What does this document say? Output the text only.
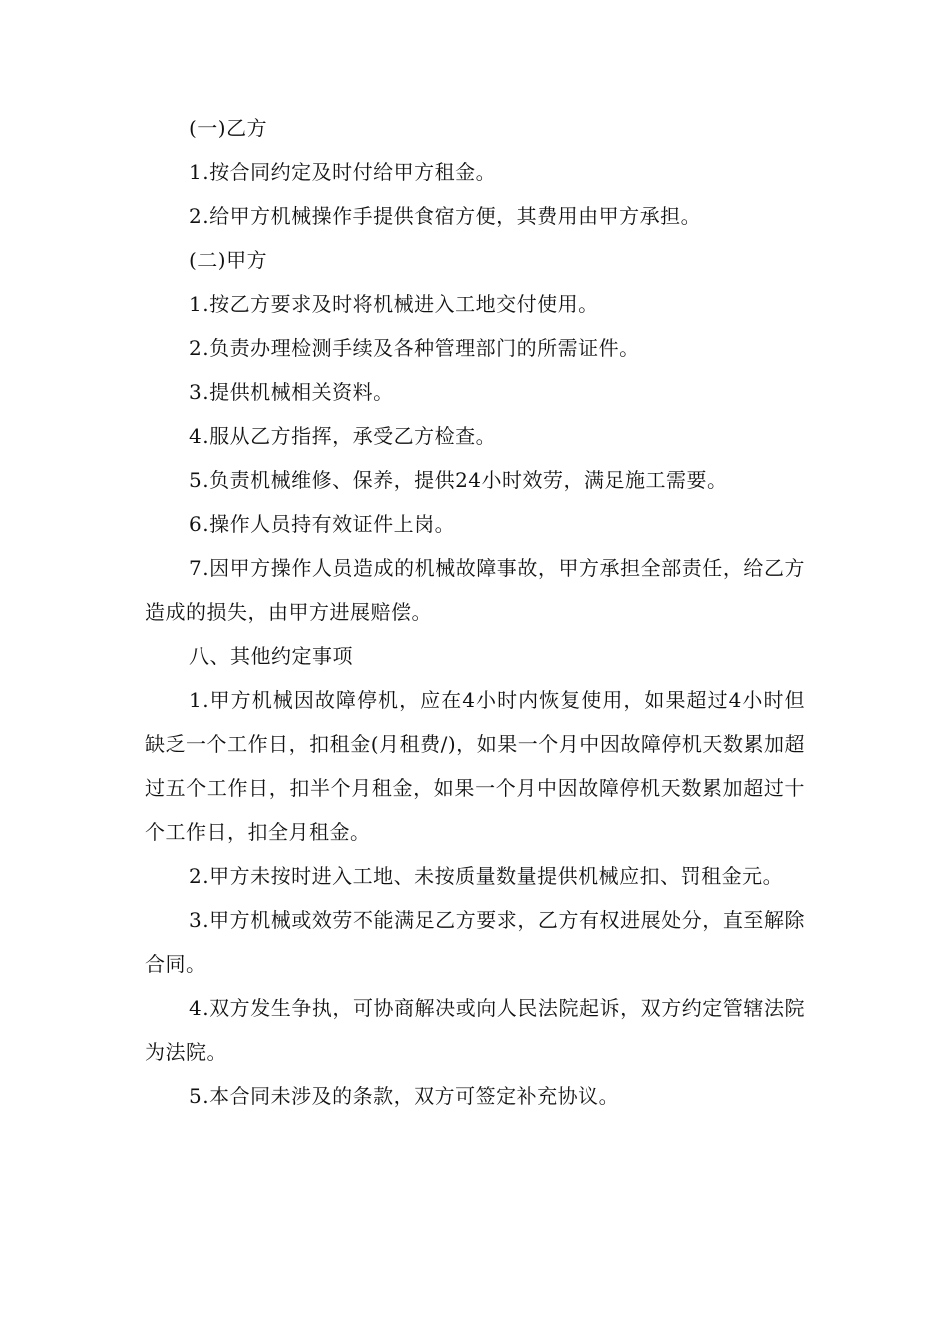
(一)乙方

1.按合同约定及时付给甲方租金。

2.给甲方机械操作手提供食宿方便，其费用由甲方承担。

(二)甲方

1.按乙方要求及时将机械进入工地交付使用。

2.负责办理检测手续及各种管理部门的所需证件。

3.提供机械相关资料。

4.服从乙方指挥，承受乙方检查。

5.负责机械维修、保养，提供24小时效劳，满足施工需要。

6.操作人员持有效证件上岗。

7.因甲方操作人员造成的机械故障事故，甲方承担全部责任，给乙方造成的损失，由甲方进展赔偿。

八、其他约定事项

1.甲方机械因故障停机，应在4小时内恢复使用，如果超过4小时但缺乏一个工作日，扣租金(月租费/)，如果一个月中因故障停机天数累加超过五个工作日，扣半个月租金，如果一个月中因故障停机天数累加超过十个工作日，扣全月租金。

2.甲方未按时进入工地、未按质量数量提供机械应扣、罚租金元。

3.甲方机械或效劳不能满足乙方要求，乙方有权进展处分，直至解除合同。

4.双方发生争执，可协商解决或向人民法院起诉，双方约定管辖法院为法院。

5.本合同未涉及的条款，双方可签定补充协议。
